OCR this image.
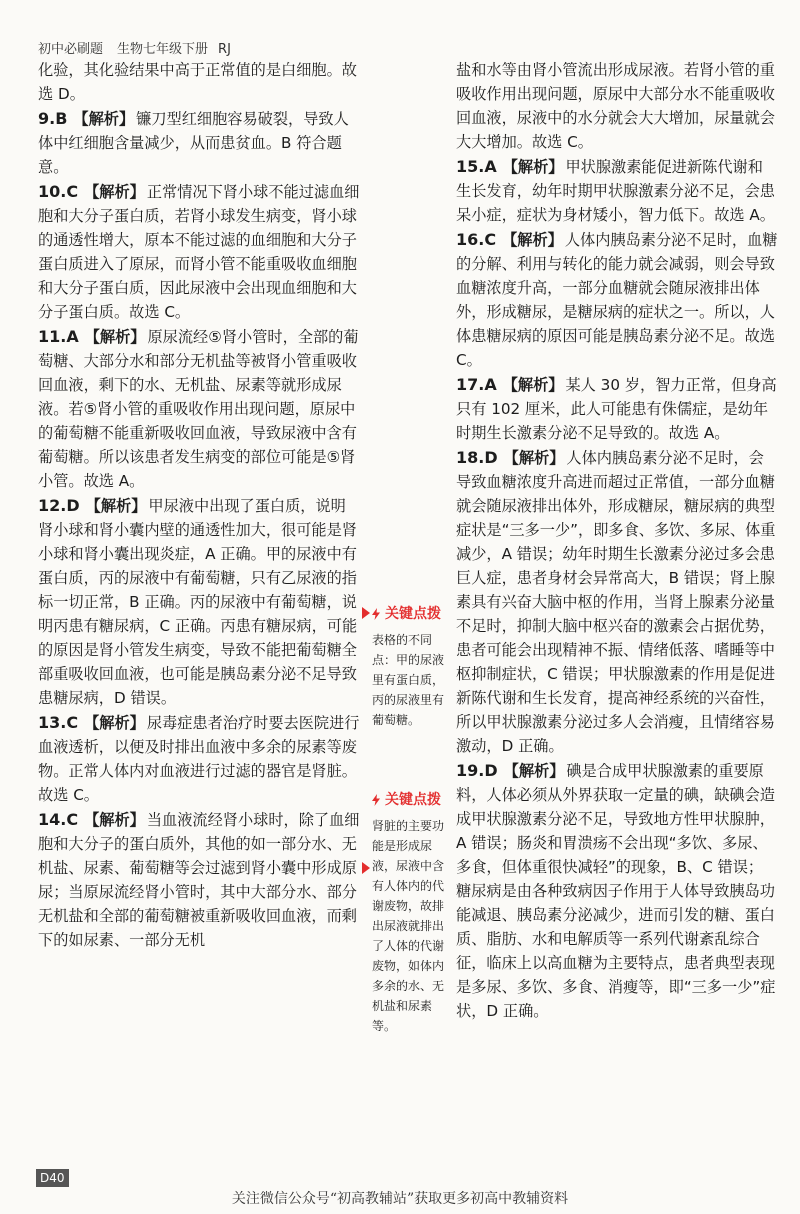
初中必刷题 生物七年级下册 RJ
化验，其化验结果中高于正常值的是白细胞。故选 D。
9.B 【解析】 镰刀型红细胞容易破裂，导致人体中红细胞含量减少，从而患贫血。B 符合题意。
10.C 【解析】 正常情况下肾小球不能过滤血细胞和大分子蛋白质，若肾小球发生病变，肾小球的通透性增大，原本不能过滤的血细胞和大分子蛋白质进入了原尿，而肾小管不能重吸收血细胞和大分子蛋白质，因此尿液中会出现血细胞和大分子蛋白质。故选 C。
11.A 【解析】 原尿流经⑤肾小管时，全部的葡萄糖、大部分水和部分无机盐等被肾小管重吸收回血液，剩下的水、无机盐、尿素等就形成尿液。若⑤肾小管的重吸收作用出现问题，原尿中的葡萄糖不能重新吸收回血液，导致尿液中含有葡萄糖。所以该患者发生病变的部位可能是⑤肾小管。故选 A。
12.D 【解析】 甲尿液中出现了蛋白质，说明肾小球和肾小囊内壁的通透性加大，很可能是肾小球和肾小囊出现炎症，A 正确。甲的尿液中有蛋白质，丙的尿液中有葡萄糖，只有乙尿液的指标一切正常，B 正确。丙的尿液中有葡萄糖，说明丙患有糖尿病，C 正确。丙患有糖尿病，可能的原因是肾小管发生病变，导致不能把葡萄糖全部重吸收回血液，也可能是胰岛素分泌不足导致患糖尿病，D 错误。
13.C 【解析】 尿毒症患者治疗时要去医院进行血液透析，以便及时排出血液中多余的尿素等废物。正常人体内对血液进行过滤的器官是肾脏。故选 C。
14.C 【解析】 当血液流经肾小球时，除了血细胞和大分子的蛋白质外，其他的如一部分水、无机盐、尿素、葡萄糖等会过滤到肾小囊中形成原尿；当原尿流经肾小管时，其中大部分水、部分无机盐和全部的葡萄糖被重新吸收回血液，而剩下的如尿素、一部分无机
关键点拨
表格的不同点：甲的尿液里有蛋白质，丙的尿液里有葡萄糖。
关键点拨
肾脏的主要功能是形成尿液，尿液中含有人体内的代谢废物，故排出尿液就排出了人体的代谢废物，如体内多余的水、无机盐和尿素等。
盐和水等由肾小管流出形成尿液。若肾小管的重吸收作用出现问题，原尿中大部分水不能重吸收回血液，尿液中的水分就会大大增加，尿量就会大大增加。故选 C。
15.A 【解析】 甲状腺激素能促进新陈代谢和生长发育，幼年时期甲状腺激素分泌不足，会患呆小症，症状为身材矮小，智力低下。故选 A。
16.C 【解析】 人体内胰岛素分泌不足时，血糖的分解、利用与转化的能力就会减弱，则会导致血糖浓度升高，一部分血糖就会随尿液排出体外，形成糖尿，是糖尿病的症状之一。所以，人体患糖尿病的原因可能是胰岛素分泌不足。故选 C。
17.A 【解析】 某人 30 岁，智力正常，但身高只有 102 厘米，此人可能患有侏儒症，是幼年时期生长激素分泌不足导致的。故选 A。
18.D 【解析】 人体内胰岛素分泌不足时，会导致血糖浓度升高进而超过正常值，一部分血糖就会随尿液排出体外，形成糖尿，糖尿病的典型症状是“三多一少”，即多食、多饮、多尿、体重减少，A 错误；幼年时期生长激素分泌过多会患巨人症，患者身材会异常高大，B 错误；肾上腺素具有兴奋大脑中枢的作用，当肾上腺素分泌量不足时，抑制大脑中枢兴奋的激素会占据优势，患者可能会出现精神不振、情绪低落、嗜睡等中枢抑制症状，C 错误；甲状腺激素的作用是促进新陈代谢和生长发育，提高神经系统的兴奋性，所以甲状腺激素分泌过多人会消瘦，且情绪容易激动，D 正确。
19.D 【解析】 碘是合成甲状腺激素的重要原料，人体必须从外界获取一定量的碘，缺碘会造成甲状腺激素分泌不足，导致地方性甲状腺肿，A 错误；肠炎和胃溃疡不会出现“多饮、多尿、多食，但体重很快减轻”的现象，B、C 错误；糖尿病是由各种致病因子作用于人体导致胰岛功能减退、胰岛素分泌减少，进而引发的糖、蛋白质、脂肪、水和电解质等一系列代谢紊乱综合征，临床上以高血糖为主要特点，患者典型表现是多尿、多饮、多食、消瘦等，即“三多一少”症状，D 正确。
D40
关注微信公众号“初高教辅站”获取更多初高中教辅资料
